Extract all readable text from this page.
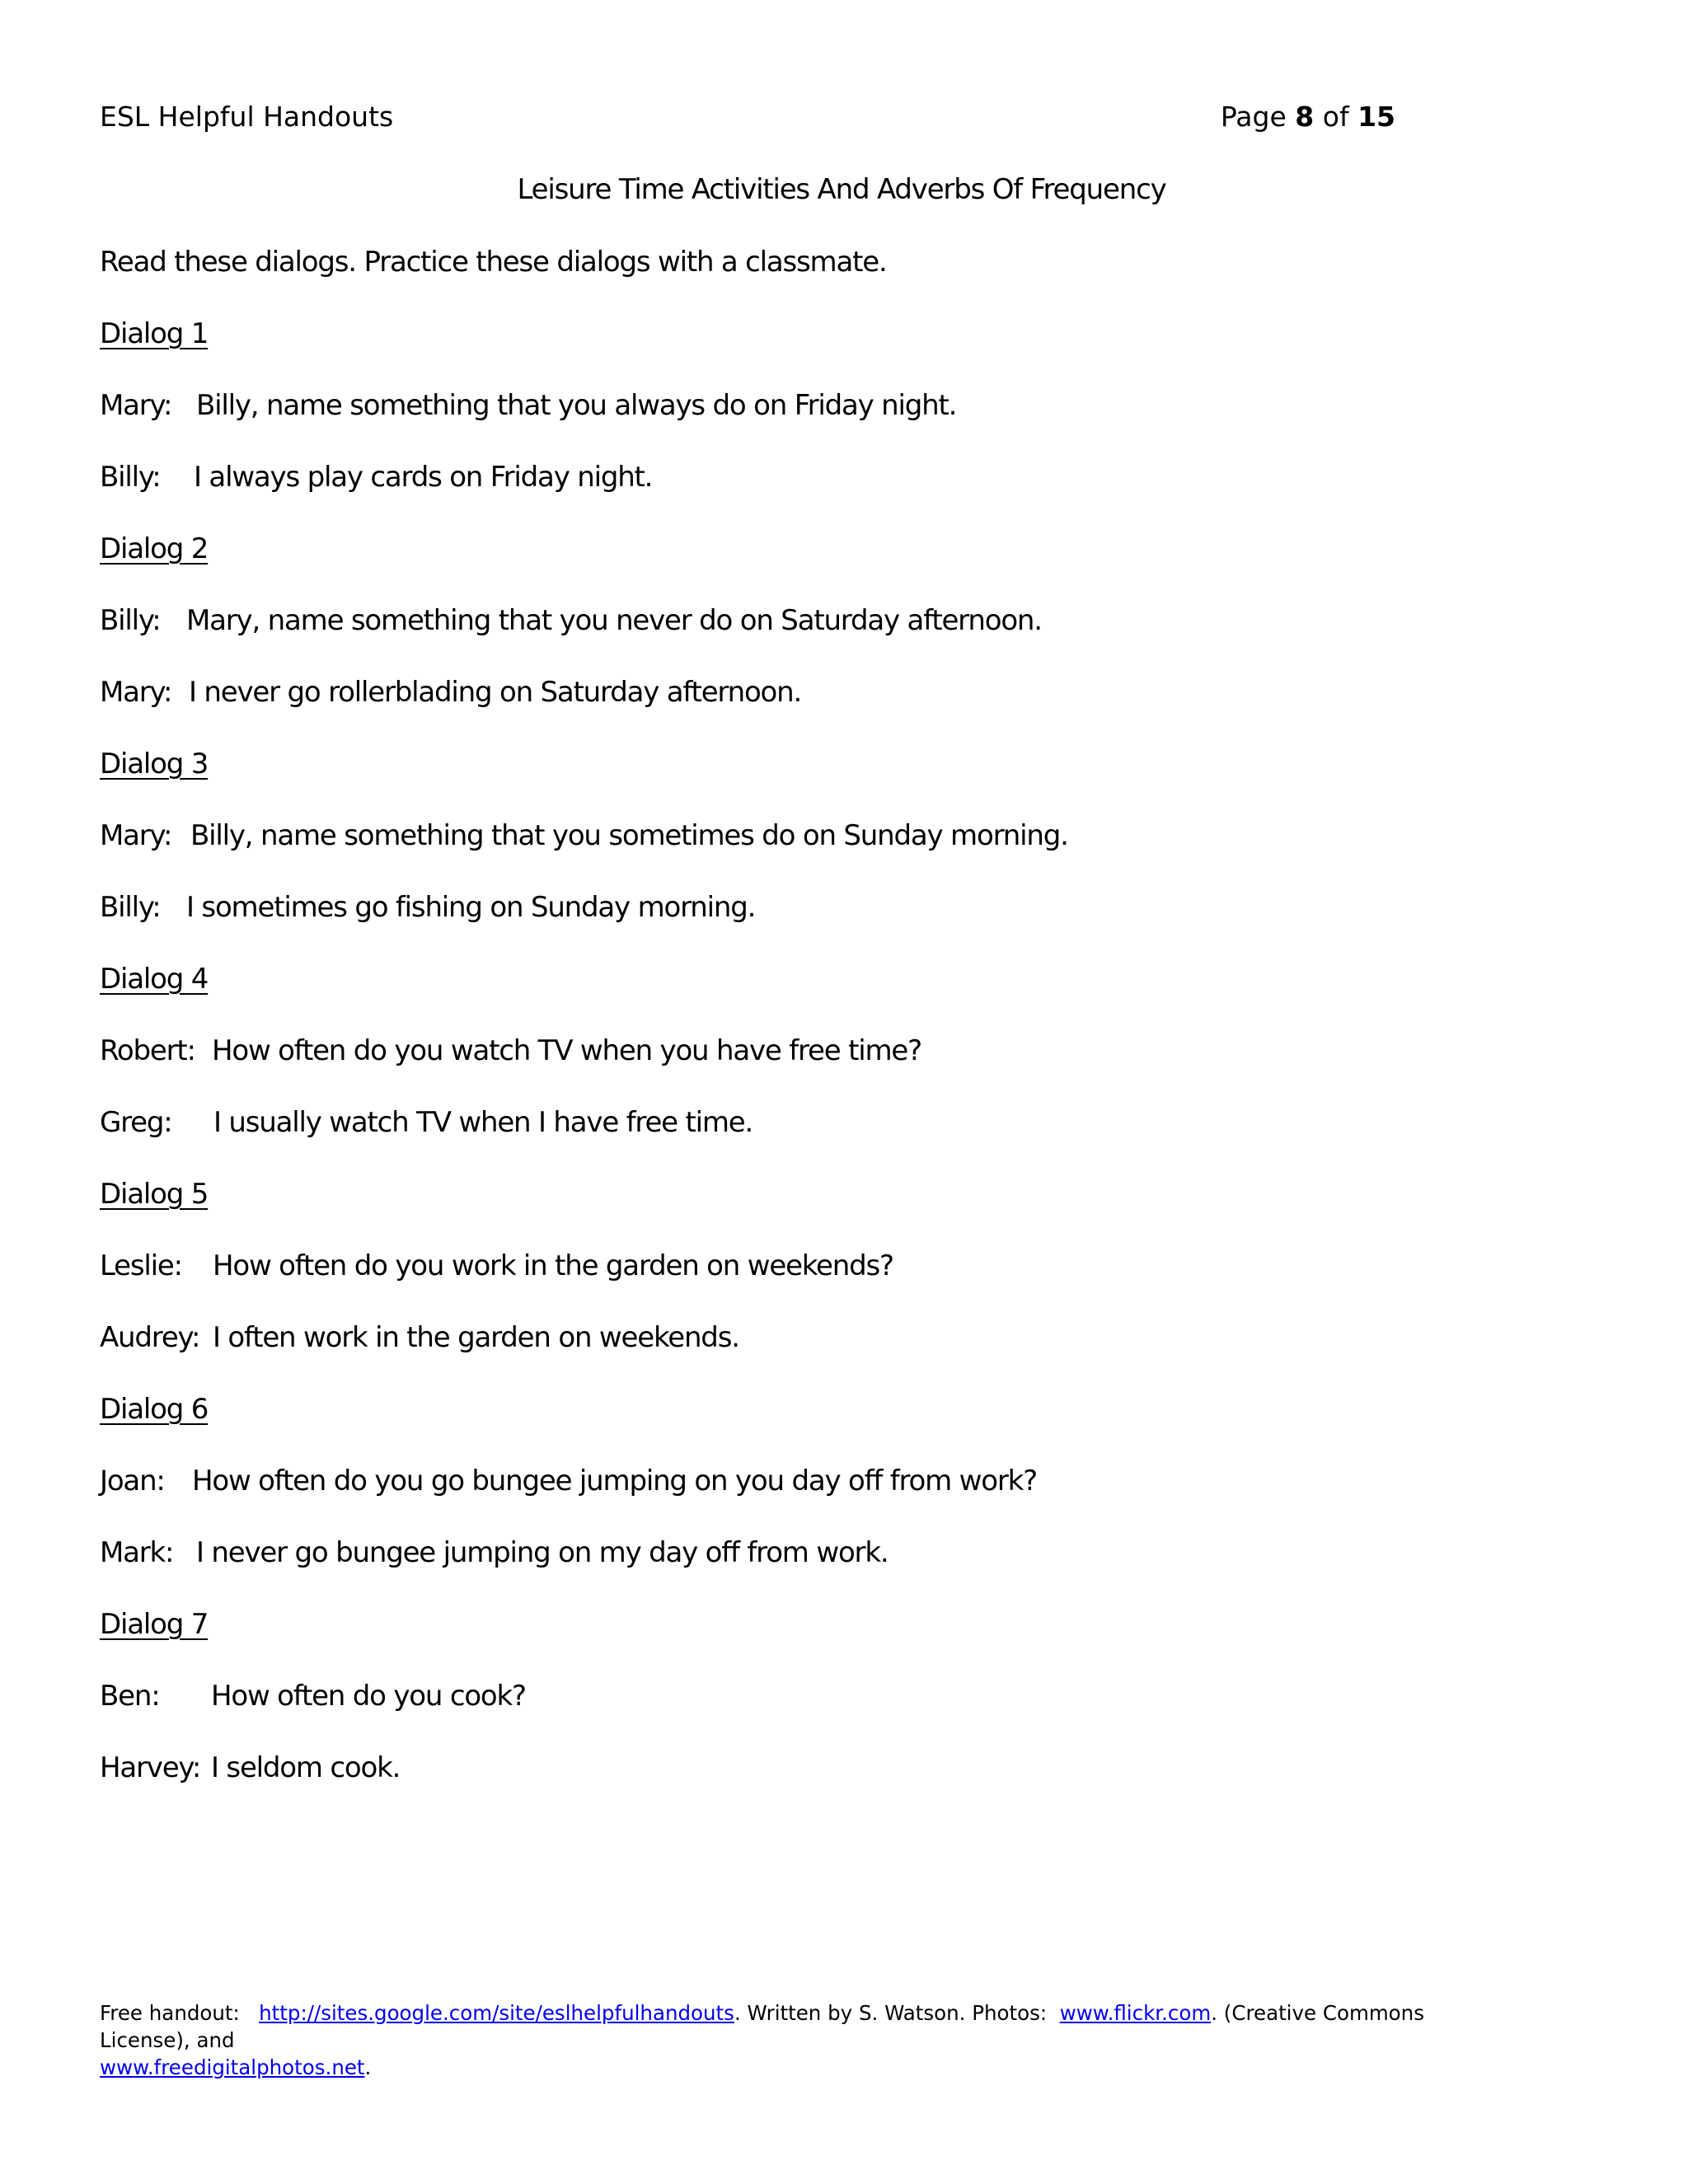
ESL Helpful Handouts	Page 8 of 15
Leisure Time Activities And Adverbs Of Frequency
Read these dialogs. Practice these dialogs with a classmate.
Dialog 1
Mary: Billy, name something that you always do on Friday night.
Billy: I always play cards on Friday night.
Dialog 2
Billy: Mary, name something that you never do on Saturday afternoon.
Mary: I never go rollerblading on Saturday afternoon.
Dialog 3
Mary: Billy, name something that you sometimes do on Sunday morning.
Billy: I sometimes go fishing on Sunday morning.
Dialog 4
Robert: How often do you watch TV when you have free time?
Greg: I usually watch TV when I have free time.
Dialog 5
Leslie: How often do you work in the garden on weekends?
Audrey: I often work in the garden on weekends.
Dialog 6
Joan: How often do you go bungee jumping on you day off from work?
Mark: I never go bungee jumping on my day off from work.
Dialog 7
Ben: How often do you cook?
Harvey: I seldom cook.
Free handout: http://sites.google.com/site/eslhelpfulhandouts. Written by S. Watson. Photos: www.flickr.com. (Creative Commons License), and
www.freedigitalphotos.net.
